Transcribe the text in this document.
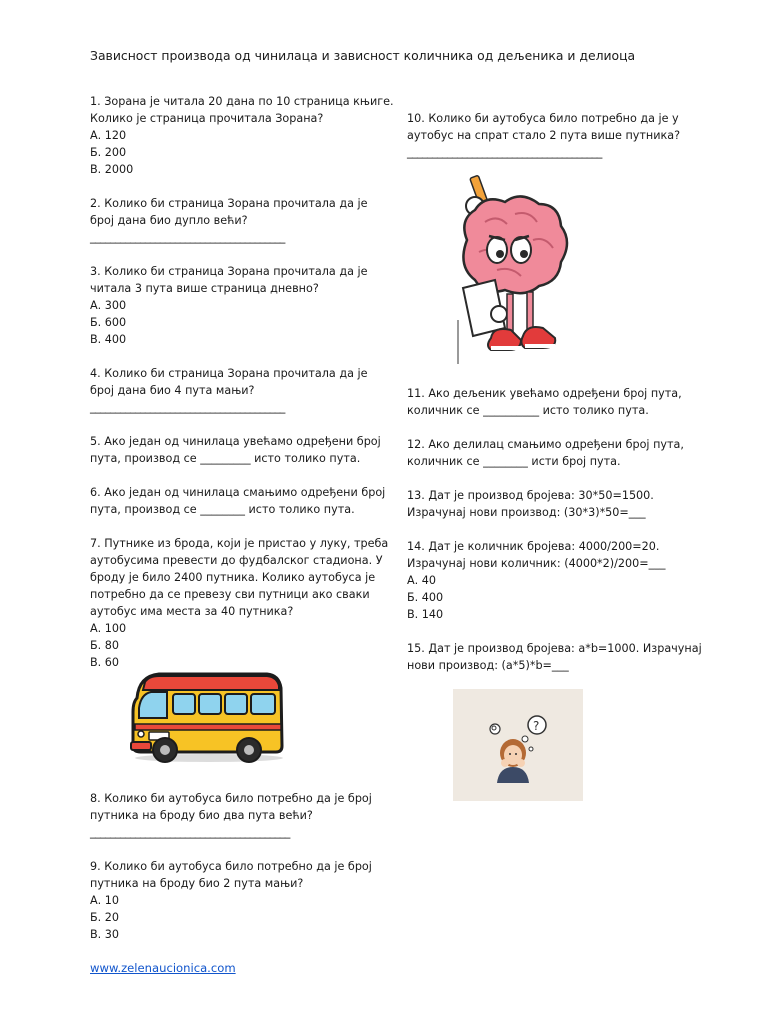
Зависност производа од чинилаца и зависност количника од дељеника и делиоца
1. Зорана је читала 20 дана по 10 страница књиге.
Колико је страница прочитала Зорана?
А. 120
Б. 200
В. 2000
2. Колико би страница Зорана прочитала да је
број дана био дупло већи?
_______________________________________
3. Колико би страница Зорана прочитала да је
читала 3 пута више страница дневно?
А. 300
Б. 600
В. 400
4. Колико би страница Зорана прочитала да је
број дана био 4 пута мањи?
_______________________________________
5. Ако један од чинилаца увећамо одређени број
пута, производ се _________ исто толико пута.
6. Ако један од чинилаца смањимо одређени број
пута, производ се ________ исто толико пута.
7. Путнике из брода, који је пристао у луку, треба
аутобусима превести до фудбалског стадиона. У
броду је било 2400 путника. Колико аутобуса је
потребно да се превезу сви путници ако сваки
аутобус има места за 40 путника?
А. 100
Б. 80
В. 60
8. Колико би аутобуса било потребно да је број
путника на броду био два пута већи?
________________________________________
9. Колико би аутобуса било потребно да је број
путника на броду био 2 пута мањи?
А. 10
Б. 20
В. 30
10. Колико би аутобуса било потребно да је у
аутобус на спрат стало 2 пута више путника?
_______________________________________
11. Ако дељеник увећамо одређени број пута,
количник се __________ исто толико пута.
12. Ако делилац смањимо одређени број пута,
количник се ________ исти број пута.
13. Дат је производ бројева: 30*50=1500.
Израчунај нови производ: (30*3)*50=___
14. Дат је количник бројева: 4000/200=20.
Израчунај нови количник: (4000*2)/200=___
А. 40
Б. 400
В. 140
15. Дат је производ бројева: a*b=1000. Израчунај
нови производ: (a*5)*b=___
?
www.zelenaucionica.com
